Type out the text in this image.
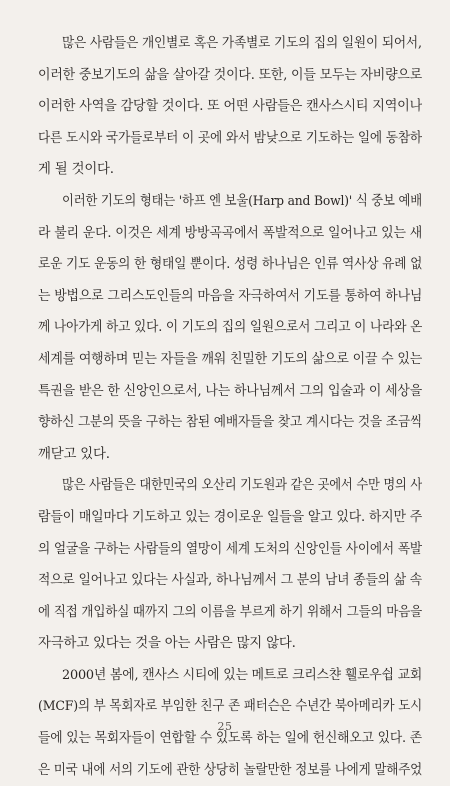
많은 사람들은 개인별로 혹은 가족별로 기도의 집의 일원이 되어서,
이러한 중보기도의 삶을 살아갈 것이다. 또한, 이들 모두는 자비량으로
이러한 사역을 감당할 것이다. 또 어떤 사람들은 캔사스시티 지역이나
다른 도시와 국가들로부터 이 곳에 와서 밤낮으로 기도하는 일에 동참하
게 될 것이다.
이러한 기도의 형태는 '하프 엔 보울(Harp and Bowl)' 식 중보 예배
라 불리 운다. 이것은 세계 방방곡곡에서 폭발적으로 일어나고 있는 새
로운 기도 운동의 한 형태일 뿐이다. 성령 하나님은 인류 역사상 유례 없
는 방법으로 그리스도인들의 마음을 자극하여서 기도를 통하여 하나님
께 나아가게 하고 있다. 이 기도의 집의 일원으로서 그리고 이 나라와 온
세계를 여행하며 믿는 자들을 깨워 친밀한 기도의 삶으로 이끌 수 있는
특권을 받은 한 신앙인으로서, 나는 하나님께서 그의 입술과 이 세상을
향하신 그분의 뜻을 구하는 참된 예배자들을 찾고 계시다는 것을 조금씩
깨닫고 있다.
많은 사람들은 대한민국의 오산리 기도원과 같은 곳에서 수만 명의 사
람들이 매일마다 기도하고 있는 경이로운 일들을 알고 있다. 하지만 주
의 얼굴을 구하는 사람들의 열망이 세계 도처의 신앙인들 사이에서 폭발
적으로 일어나고 있다는 사실과, 하나님께서 그 분의 남녀 종들의 삶 속
에 직접 개입하실 때까지 그의 이름을 부르게 하기 위해서 그들의 마음을
자극하고 있다는 것을 아는 사람은 많지 않다.
2000년 봄에, 캔사스 시티에 있는 메트로 크리스챤 휄로우쉽 교회
(MCF)의 부 목회자로 부임한 친구 존 패터슨은 수년간 북아메리카 도시
들에 있는 목회자들이 연합할 수 있도록 하는 일에 헌신해오고 있다. 존
은 미국 내에 서의 기도에 관한 상당히 놀랄만한 정보를 나에게 말해주었
25
